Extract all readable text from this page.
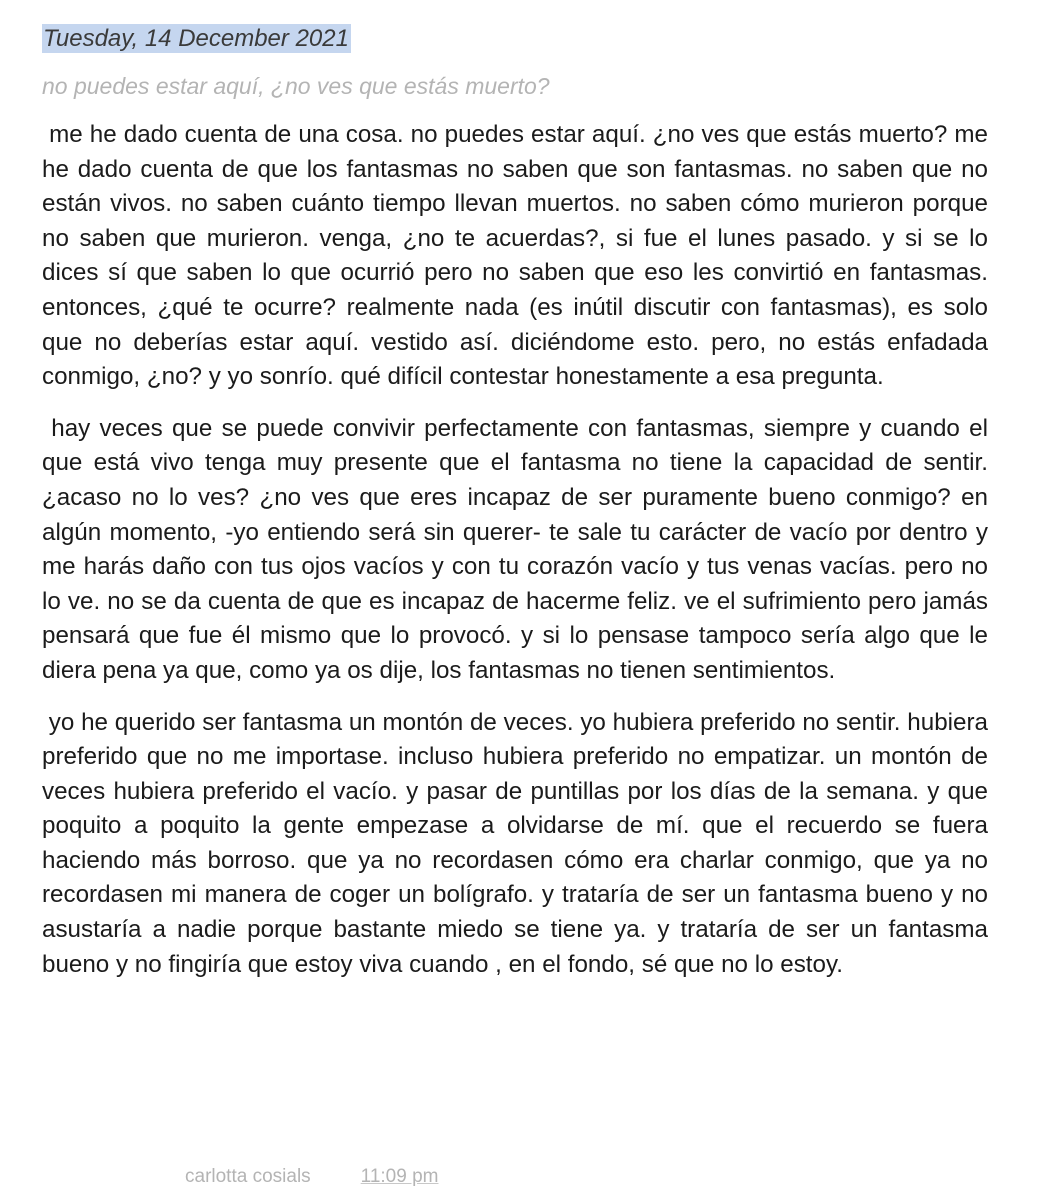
Tuesday, 14 December 2021
no puedes estar aquí, ¿no ves que estás muerto?

me he dado cuenta de una cosa. no puedes estar aquí. ¿no ves que estás muerto? me he dado cuenta de que los fantasmas no saben que son fantasmas. no saben que no están vivos. no saben cuánto tiempo llevan muertos. no saben cómo murieron porque no saben que murieron. venga, ¿no te acuerdas?, si fue el lunes pasado. y si se lo dices sí que saben lo que ocurrió pero no saben que eso les convirtió en fantasmas. entonces, ¿qué te ocurre? realmente nada (es inútil discutir con fantasmas), es solo que no deberías estar aquí. vestido así. diciéndome esto. pero, no estás enfadada conmigo, ¿no? y yo sonrío. qué difícil contestar honestamente a esa pregunta.

hay veces que se puede convivir perfectamente con fantasmas, siempre y cuando el que está vivo tenga muy presente que el fantasma no tiene la capacidad de sentir. ¿acaso no lo ves? ¿no ves que eres incapaz de ser puramente bueno conmigo? en algún momento, -yo entiendo será sin querer- te sale tu carácter de vacío por dentro y me harás daño con tus ojos vacíos y con tu corazón vacío y tus venas vacías. pero no lo ve. no se da cuenta de que es incapaz de hacerme feliz. ve el sufrimiento pero jamás pensará que fue él mismo que lo provocó. y si lo pensase tampoco sería algo que le diera pena ya que, como ya os dije, los fantasmas no tienen sentimientos.

yo he querido ser fantasma un montón de veces. yo hubiera preferido no sentir. hubiera preferido que no me importase. incluso hubiera preferido no empatizar. un montón de veces hubiera preferido el vacío. y pasar de puntillas por los días de la semana. y que poquito a poquito la gente empezase a olvidarse de mí. que el recuerdo se fuera haciendo más borroso. que ya no recordasen cómo era charlar conmigo, que ya no recordasen mi manera de coger un bolígrafo. y trataría de ser un fantasma bueno y no asustaría a nadie porque bastante miedo se tiene ya. y trataría de ser un fantasma bueno y no fingiría que estoy viva cuando , en el fondo, sé que no lo estoy.

carlotta cosials	11:09 pm
